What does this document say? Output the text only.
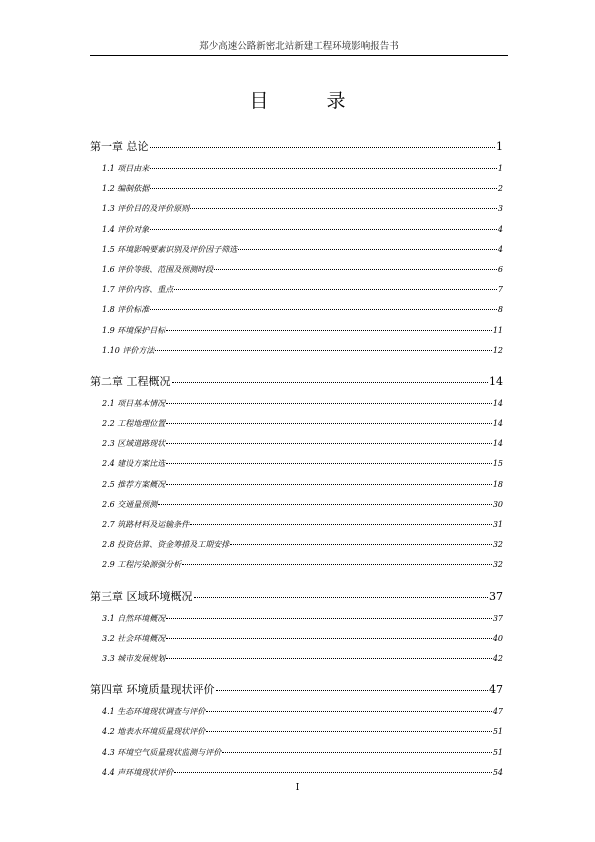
郑少高速公路新密北站新建工程环境影响报告书
目 录
第一章 总论	1
1.1 项目由来	1
1.2 编制依据	2
1.3 评价目的及评价原则	3
1.4 评价对象	4
1.5 环境影响要素识别及评价因子筛选	4
1.6 评价等级、范围及预测时段	6
1.7 评价内容、重点	7
1.8 评价标准	8
1.9 环境保护目标	11
1.10 评价方法	12
第二章 工程概况	14
2.1 项目基本情况	14
2.2 工程地理位置	14
2.3 区域道路现状	14
2.4 建设方案比选	15
2.5 推荐方案概况	18
2.6 交通量预测	30
2.7 筑路材料及运输条件	31
2.8 投资估算、资金筹措及工期安排	32
2.9 工程污染源强分析	32
第三章 区域环境概况	37
3.1 自然环境概况	37
3.2 社会环境概况	40
3.3 城市发展规划	42
第四章 环境质量现状评价	47
4.1 生态环境现状调查与评价	47
4.2 地表水环境质量现状评价	51
4.3 环境空气质量现状监测与评价	51
4.4 声环境现状评价	54
I
